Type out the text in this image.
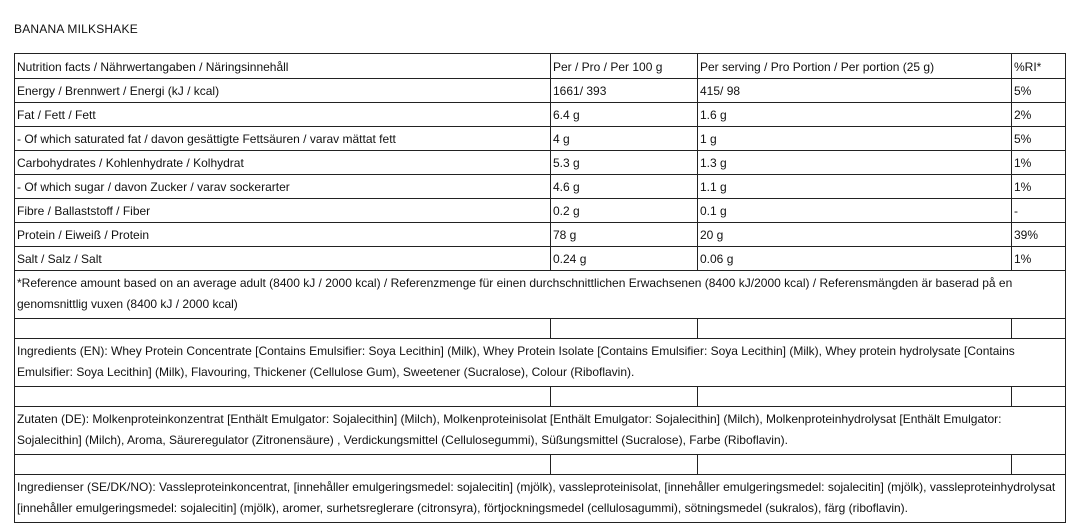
BANANA MILKSHAKE
Nutrition facts / Nährwertangaben / Näringsinnehåll	Per / Pro / Per 100 g	Per serving / Pro Portion / Per portion (25 g)	%RI*
Energy / Brennwert / Energi (kJ / kcal)	1661/ 393	415/ 98	5%
Fat / Fett / Fett	6.4 g	1.6 g	2%
- Of which saturated fat / davon gesättigte Fettsäuren / varav mättat fett	4 g	1 g	5%
Carbohydrates / Kohlenhydrate / Kolhydrat	5.3 g	1.3 g	1%
- Of which sugar / davon Zucker / varav sockerarter	4.6 g	1.1 g	1%
Fibre / Ballaststoff / Fiber	0.2 g	0.1 g	-
Protein / Eiweiß / Protein	78 g	20 g	39%
Salt / Salz / Salt	0.24 g	0.06 g	1%
*Reference amount based on an average adult (8400 kJ / 2000 kcal) / Referenzmenge für einen durchschnittlichen Erwachsenen (8400 kJ/2000 kcal) / Referensmängden är baserad på en genomsnittlig vuxen (8400 kJ / 2000 kcal)			

Ingredients (EN): Whey Protein Concentrate [Contains Emulsifier: Soya Lecithin] (Milk), Whey Protein Isolate [Contains Emulsifier: Soya Lecithin] (Milk), Whey protein hydrolysate [Contains Emulsifier: Soya Lecithin] (Milk), Flavouring, Thickener (Cellulose Gum), Sweetener (Sucralose), Colour (Riboflavin).			

Zutaten (DE): Molkenproteinkonzentrat [Enthält Emulgator: Sojalecithin] (Milch), Molkenproteinisolat [Enthält Emulgator: Sojalecithin] (Milch), Molkenproteinhydrolysat [Enthält Emulgator: Sojalecithin] (Milch), Aroma, Säureregulator (Zitronensäure) , Verdickungsmittel (Cellulosegummi), Süßungsmittel (Sucralose), Farbe (Riboflavin).			

Ingredienser (SE/DK/NO): Vassleproteinkoncentrat, [innehåller emulgeringsmedel: sojalecitin] (mjölk), vassleproteinisolat, [innehåller emulgeringsmedel: sojalecitin] (mjölk), vassleproteinhydrolysat [innehåller emulgeringsmedel: sojalecitin] (mjölk), aromer, surhetsreglerare (citronsyra), förtjockningsmedel (cellulosagummi), sötningsmedel (sukralos), färg (riboflavin).			
